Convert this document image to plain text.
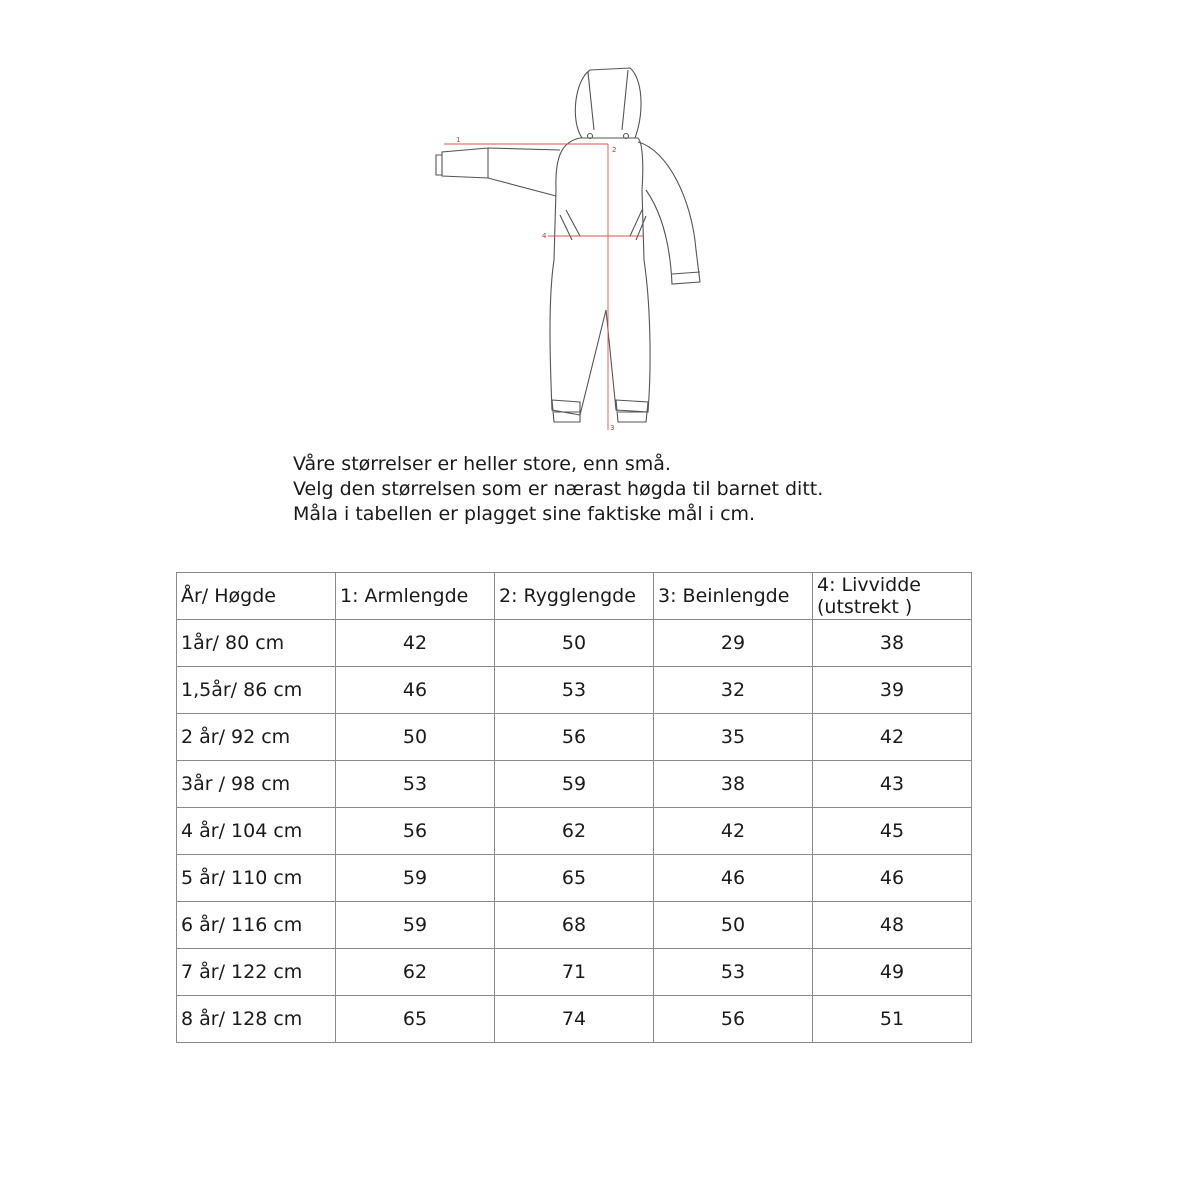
1
2
3
4
Våre størrelser er heller store, enn små.
Velg den størrelsen som er nærast høgda til barnet ditt.
Måla i tabellen er plagget sine faktiske mål i cm.
År/ Høgde	1: Armlengde	2: Rygglengde	3: Beinlengde	4: Livvidde (utstrekt )
1år/ 80 cm	42	50	29	38
1,5år/ 86 cm	46	53	32	39
2 år/ 92 cm	50	56	35	42
3år / 98 cm	53	59	38	43
4 år/ 104 cm	56	62	42	45
5 år/ 110 cm	59	65	46	46
6 år/ 116 cm	59	68	50	48
7 år/ 122 cm	62	71	53	49
8 år/ 128 cm	65	74	56	51
